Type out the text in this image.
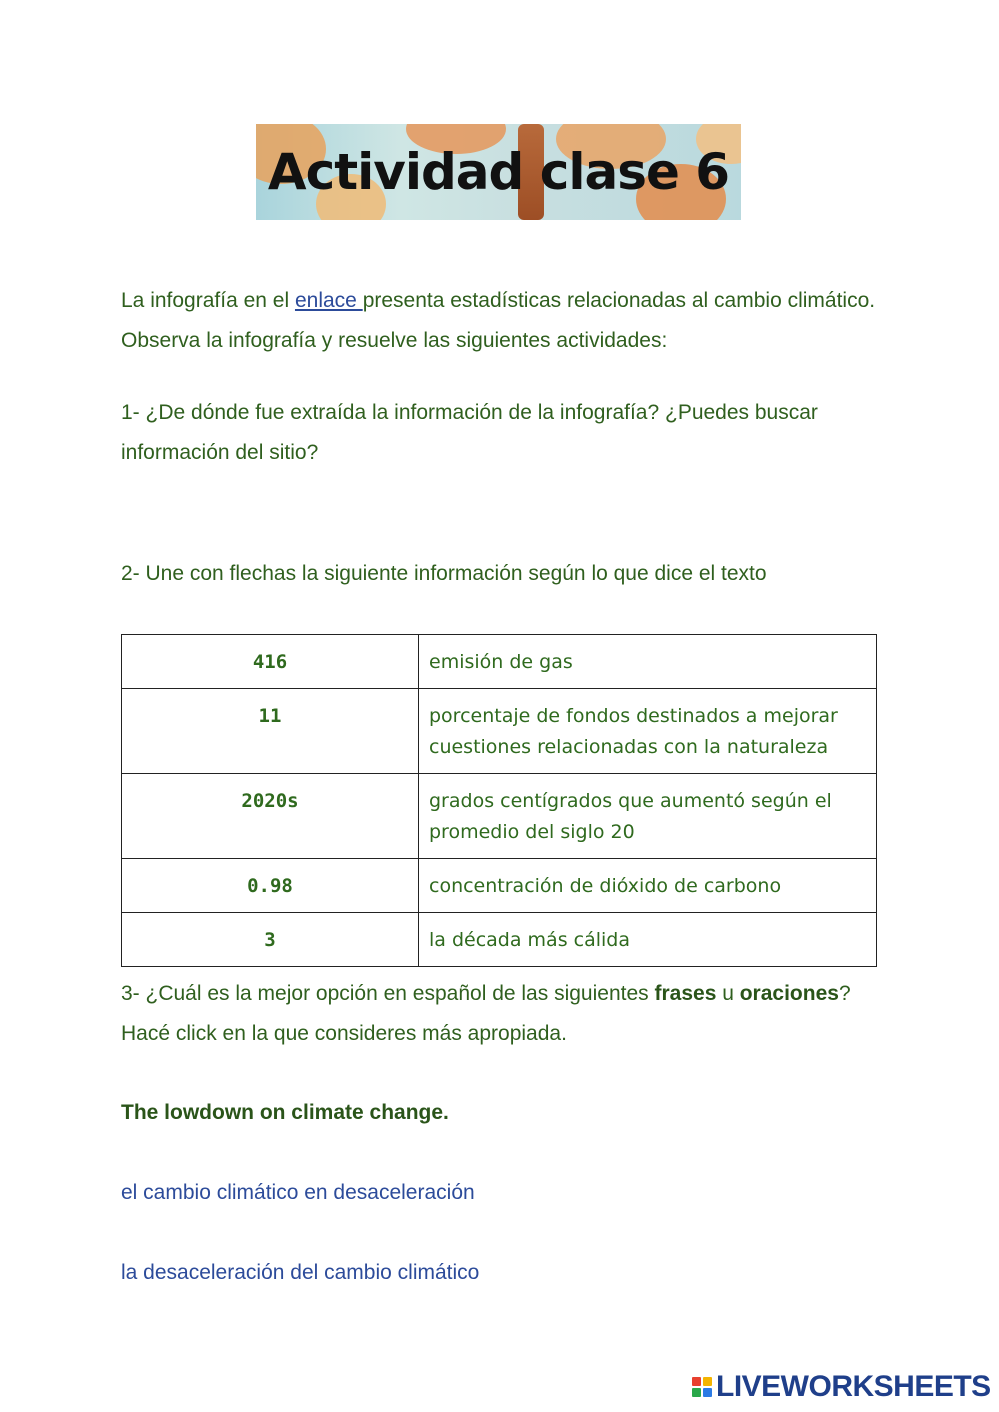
Actividad clase 6
La infografía en el enlace presenta estadísticas relacionadas al cambio climático. Observa la infografía y resuelve las siguientes actividades:
1- ¿De dónde fue extraída la información de la infografía? ¿Puedes buscar información del sitio?
2- Une con flechas la siguiente información según lo que dice el texto
416	emisión de gas
11	porcentaje de fondos destinados a mejorar cuestiones relacionadas con la naturaleza
2020s	grados centígrados que aumentó según el promedio del siglo 20
0.98	concentración de dióxido de carbono
3	la década más cálida
3- ¿Cuál es la mejor opción en español de las siguientes frases u oraciones? Hacé click en la que consideres más apropiada.
The lowdown on climate change.
el cambio climático en desaceleración
la desaceleración del cambio climático
LIVEWORKSHEETS
